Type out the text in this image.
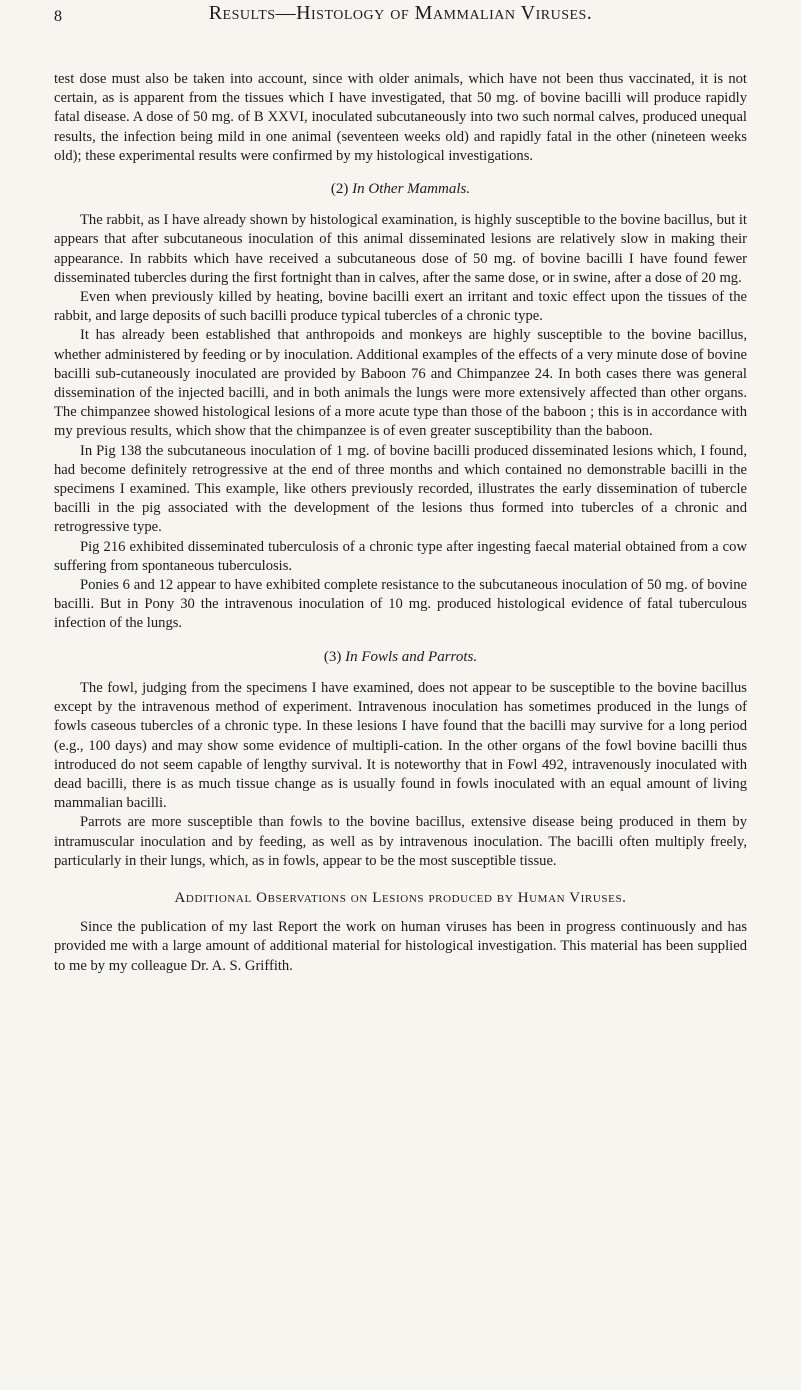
8	Results—Histology of Mammalian Viruses.

test dose must also be taken into account, since with older animals, which have not been thus vaccinated, it is not certain, as is apparent from the tissues which I have investigated, that 50 mg. of bovine bacilli will produce rapidly fatal disease. A dose of 50 mg. of B XXVI, inoculated subcutaneously into two such normal calves, produced unequal results, the infection being mild in one animal (seventeen weeks old) and rapidly fatal in the other (nineteen weeks old); these experimental results were confirmed by my histological investigations.

(2) In Other Mammals.

The rabbit, as I have already shown by histological examination, is highly susceptible to the bovine bacillus, but it appears that after subcutaneous inoculation of this animal disseminated lesions are relatively slow in making their appearance. In rabbits which have received a subcutaneous dose of 50 mg. of bovine bacilli I have found fewer disseminated tubercles during the first fortnight than in calves, after the same dose, or in swine, after a dose of 20 mg.

Even when previously killed by heating, bovine bacilli exert an irritant and toxic effect upon the tissues of the rabbit, and large deposits of such bacilli produce typical tubercles of a chronic type.

It has already been established that anthropoids and monkeys are highly susceptible to the bovine bacillus, whether administered by feeding or by inoculation. Additional examples of the effects of a very minute dose of bovine bacilli sub-cutaneously inoculated are provided by Baboon 76 and Chimpanzee 24. In both cases there was general dissemination of the injected bacilli, and in both animals the lungs were more extensively affected than other organs. The chimpanzee showed histological lesions of a more acute type than those of the baboon ; this is in accordance with my previous results, which show that the chimpanzee is of even greater susceptibility than the baboon.

In Pig 138 the subcutaneous inoculation of 1 mg. of bovine bacilli produced disseminated lesions which, I found, had become definitely retrogressive at the end of three months and which contained no demonstrable bacilli in the specimens I examined. This example, like others previously recorded, illustrates the early dissemination of tubercle bacilli in the pig associated with the development of the lesions thus formed into tubercles of a chronic and retrogressive type.

Pig 216 exhibited disseminated tuberculosis of a chronic type after ingesting faecal material obtained from a cow suffering from spontaneous tuberculosis.

Ponies 6 and 12 appear to have exhibited complete resistance to the subcutaneous inoculation of 50 mg. of bovine bacilli. But in Pony 30 the intravenous inoculation of 10 mg. produced histological evidence of fatal tuberculous infection of the lungs.

(3) In Fowls and Parrots.

The fowl, judging from the specimens I have examined, does not appear to be susceptible to the bovine bacillus except by the intravenous method of experiment. Intravenous inoculation has sometimes produced in the lungs of fowls caseous tubercles of a chronic type. In these lesions I have found that the bacilli may survive for a long period (e.g., 100 days) and may show some evidence of multipli-cation. In the other organs of the fowl bovine bacilli thus introduced do not seem capable of lengthy survival. It is noteworthy that in Fowl 492, intravenously inoculated with dead bacilli, there is as much tissue change as is usually found in fowls inoculated with an equal amount of living mammalian bacilli.

Parrots are more susceptible than fowls to the bovine bacillus, extensive disease being produced in them by intramuscular inoculation and by feeding, as well as by intravenous inoculation. The bacilli often multiply freely, particularly in their lungs, which, as in fowls, appear to be the most susceptible tissue.

Additional Observations on Lesions produced by Human Viruses.

Since the publication of my last Report the work on human viruses has been in progress continuously and has provided me with a large amount of additional material for histological investigation. This material has been supplied to me by my colleague Dr. A. S. Griffith.
